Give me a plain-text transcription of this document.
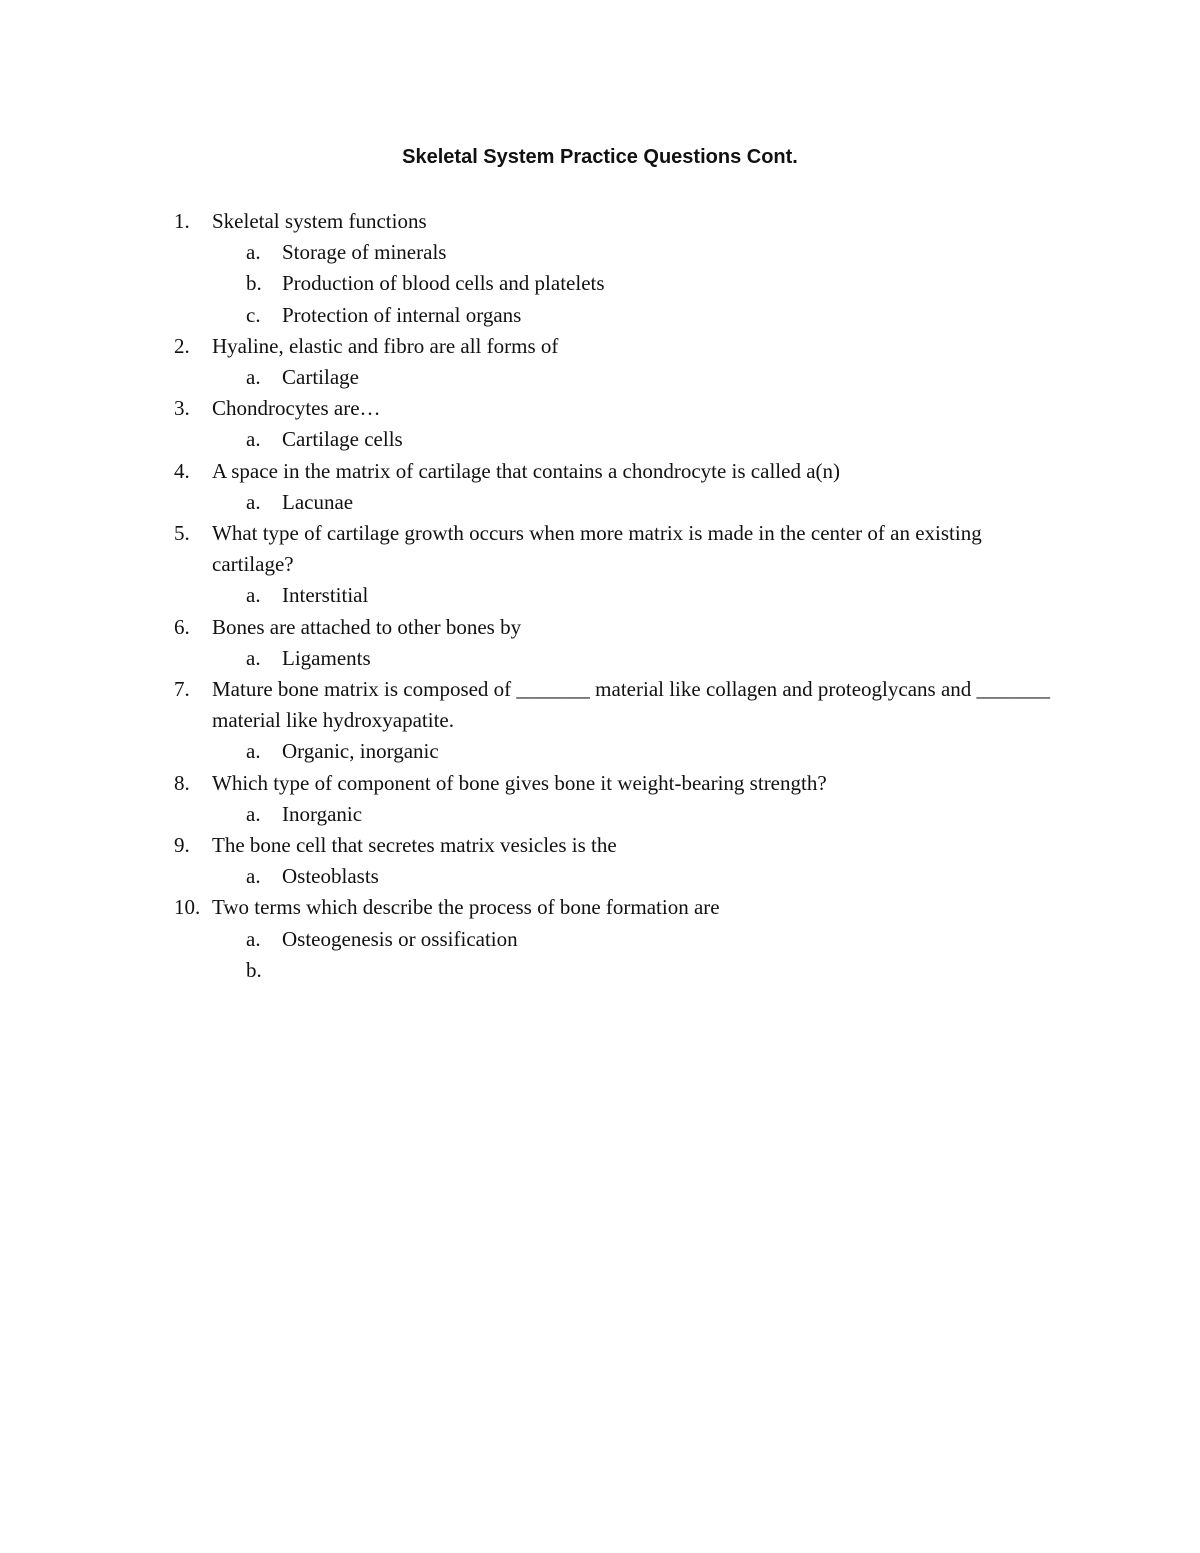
Skeletal System Practice Questions Cont.
1. Skeletal system functions
a. Storage of minerals
b. Production of blood cells and platelets
c. Protection of internal organs
2. Hyaline, elastic and fibro are all forms of
a. Cartilage
3. Chondrocytes are…
a. Cartilage cells
4. A space in the matrix of cartilage that contains a chondrocyte is called a(n)
a. Lacunae
5. What type of cartilage growth occurs when more matrix is made in the center of an existing cartilage?
a. Interstitial
6. Bones are attached to other bones by
a. Ligaments
7. Mature bone matrix is composed of _______ material like collagen and proteoglycans and _______ material like hydroxyapatite.
a. Organic, inorganic
8. Which type of component of bone gives bone it weight-bearing strength?
a. Inorganic
9. The bone cell that secretes matrix vesicles is the
a. Osteoblasts
10. Two terms which describe the process of bone formation are
a. Osteogenesis or ossification
b.
